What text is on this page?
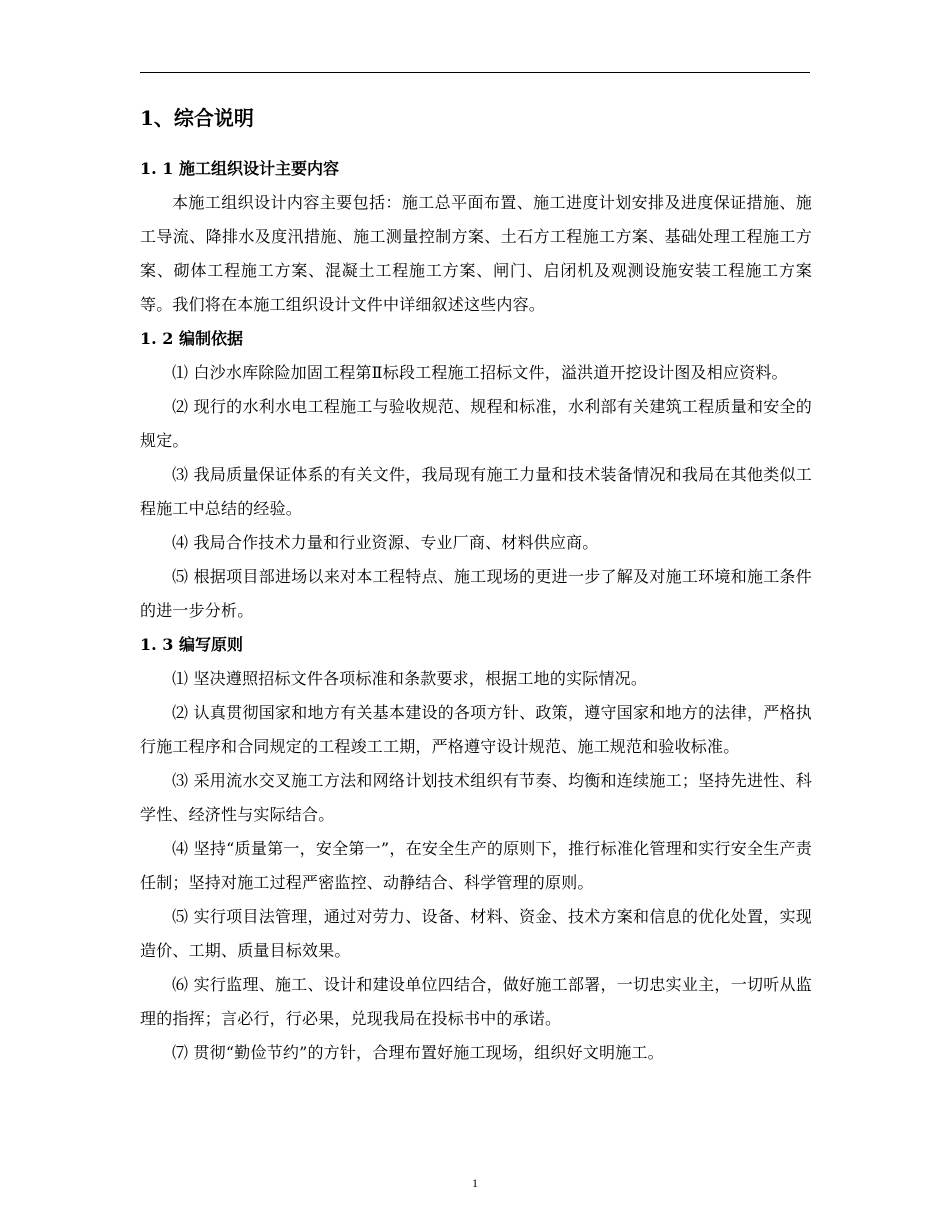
1、综合说明
1. 1 施工组织设计主要内容

本施工组织设计内容主要包括：施工总平面布置、施工进度计划安排及进度保证措施、施工导流、降排水及度汛措施、施工测量控制方案、土石方工程施工方案、基础处理工程施工方案、砌体工程施工方案、混凝土工程施工方案、闸门、启闭机及观测设施安装工程施工方案等。我们将在本施工组织设计文件中详细叙述这些内容。

1. 2 编制依据

⑴ 白沙水库除险加固工程第Ⅱ标段工程施工招标文件，溢洪道开挖设计图及相应资料。

⑵ 现行的水利水电工程施工与验收规范、规程和标准，水利部有关建筑工程质量和安全的规定。

⑶ 我局质量保证体系的有关文件，我局现有施工力量和技术装备情况和我局在其他类似工程施工中总结的经验。

⑷ 我局合作技术力量和行业资源、专业厂商、材料供应商。

⑸ 根据项目部进场以来对本工程特点、施工现场的更进一步了解及对施工环境和施工条件的进一步分析。

1. 3 编写原则

⑴ 坚决遵照招标文件各项标准和条款要求，根据工地的实际情况。

⑵ 认真贯彻国家和地方有关基本建设的各项方针、政策，遵守国家和地方的法律，严格执行施工程序和合同规定的工程竣工工期，严格遵守设计规范、施工规范和验收标准。

⑶ 采用流水交叉施工方法和网络计划技术组织有节奏、均衡和连续施工；坚持先进性、科学性、经济性与实际结合。

⑷ 坚持“质量第一，安全第一”，在安全生产的原则下，推行标准化管理和实行安全生产责任制；坚持对施工过程严密监控、动静结合、科学管理的原则。

⑸ 实行项目法管理，通过对劳力、设备、材料、资金、技术方案和信息的优化处置，实现造价、工期、质量目标效果。

⑹ 实行监理、施工、设计和建设单位四结合，做好施工部署，一切忠实业主，一切听从监理的指挥；言必行，行必果，兑现我局在投标书中的承诺。

⑺ 贯彻“勤俭节约”的方针，合理布置好施工现场，组织好文明施工。

1
